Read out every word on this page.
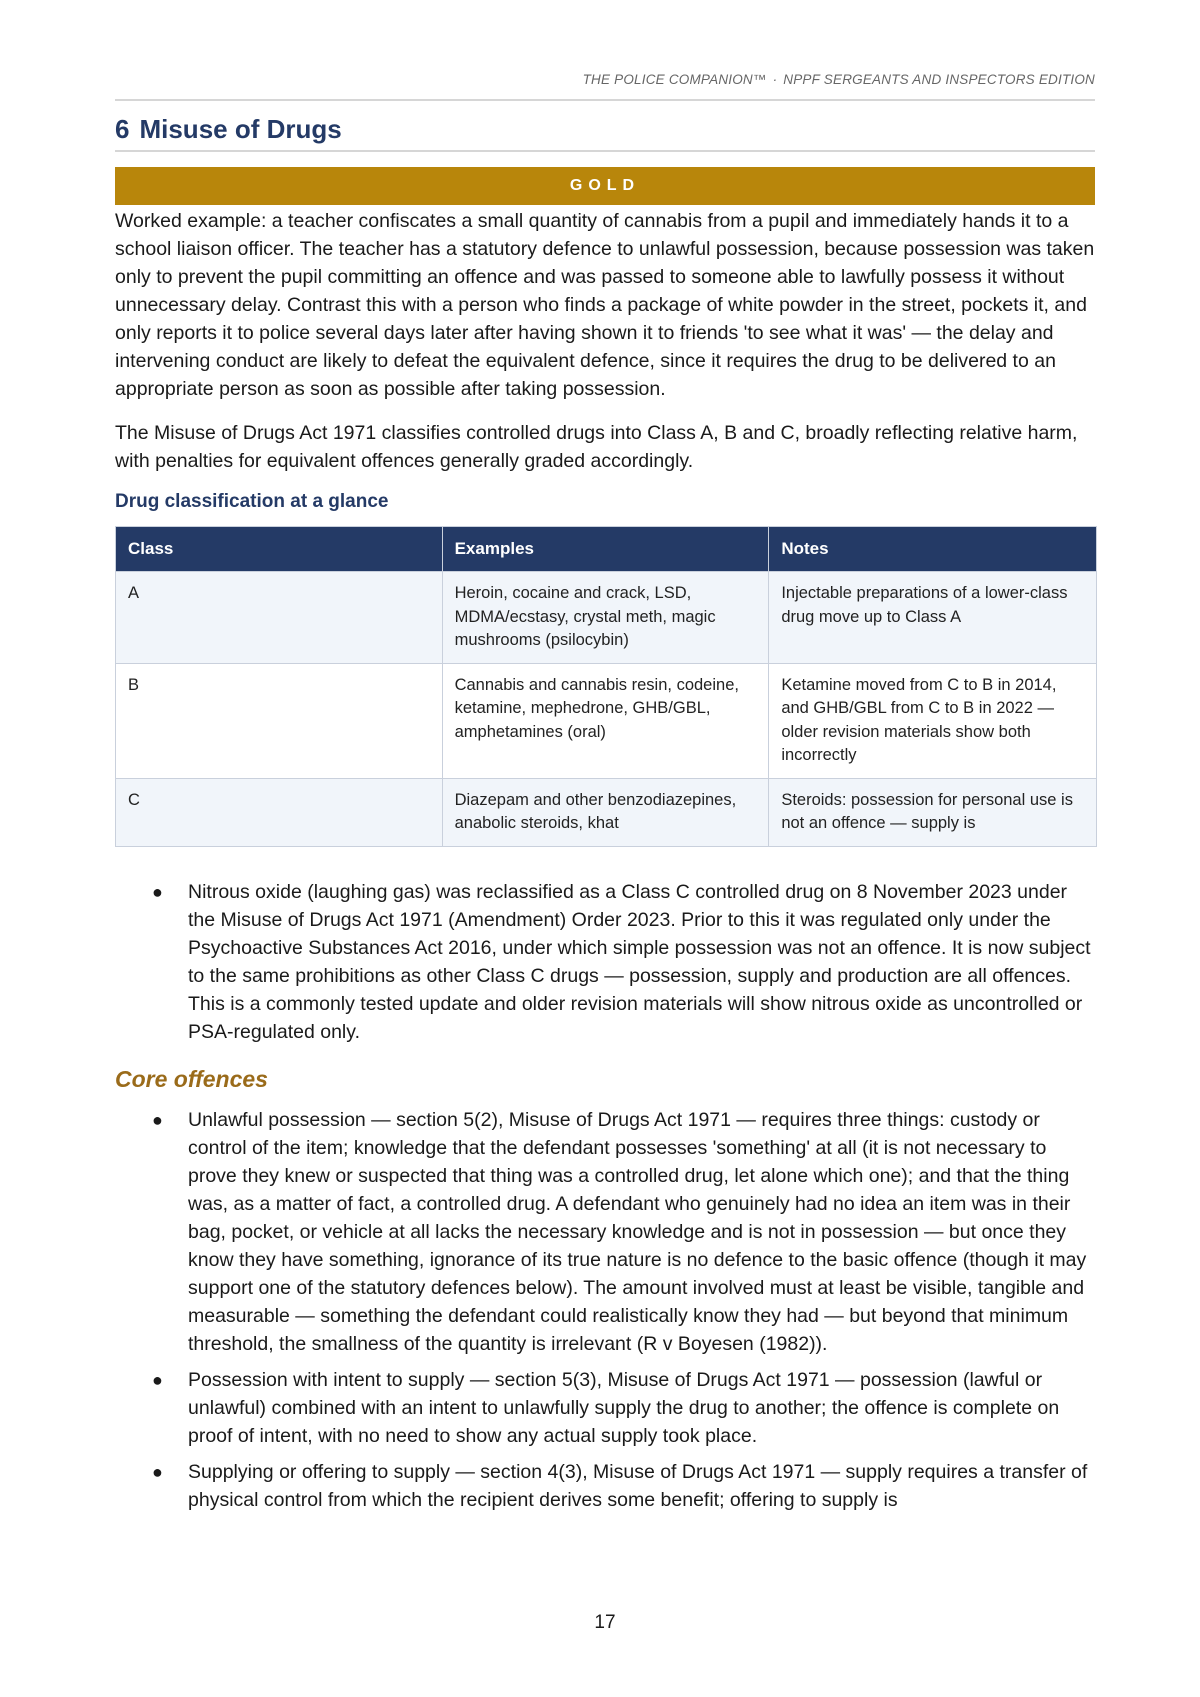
THE POLICE COMPANION™ · NPPF SERGEANTS AND INSPECTORS EDITION
6 Misuse of Drugs
GOLD

Worked example: a teacher confiscates a small quantity of cannabis from a pupil and immediately hands it to a school liaison officer. The teacher has a statutory defence to unlawful possession, because possession was taken only to prevent the pupil committing an offence and was passed to someone able to lawfully possess it without unnecessary delay. Contrast this with a person who finds a package of white powder in the street, pockets it, and only reports it to police several days later after having shown it to friends 'to see what it was' — the delay and intervening conduct are likely to defeat the equivalent defence, since it requires the drug to be delivered to an appropriate person as soon as possible after taking possession.

The Misuse of Drugs Act 1971 classifies controlled drugs into Class A, B and C, broadly reflecting relative harm, with penalties for equivalent offences generally graded accordingly.

Drug classification at a glance
Class	Examples	Notes
A	Heroin, cocaine and crack, LSD, MDMA/ecstasy, crystal meth, magic mushrooms (psilocybin)	Injectable preparations of a lower-class drug move up to Class A
B	Cannabis and cannabis resin, codeine, ketamine, mephedrone, GHB/GBL, amphetamines (oral)	Ketamine moved from C to B in 2014, and GHB/GBL from C to B in 2022 — older revision materials show both incorrectly
C	Diazepam and other benzodiazepines, anabolic steroids, khat	Steroids: possession for personal use is not an offence — supply is
● Nitrous oxide (laughing gas) was reclassified as a Class C controlled drug on 8 November 2023 under the Misuse of Drugs Act 1971 (Amendment) Order 2023. Prior to this it was regulated only under the Psychoactive Substances Act 2016, under which simple possession was not an offence. It is now subject to the same prohibitions as other Class C drugs — possession, supply and production are all offences. This is a commonly tested update and older revision materials will show nitrous oxide as uncontrolled or PSA-regulated only.
Core offences
● Unlawful possession — section 5(2), Misuse of Drugs Act 1971 — requires three things: custody or control of the item; knowledge that the defendant possesses 'something' at all (it is not necessary to prove they knew or suspected that thing was a controlled drug, let alone which one); and that the thing was, as a matter of fact, a controlled drug. A defendant who genuinely had no idea an item was in their bag, pocket, or vehicle at all lacks the necessary knowledge and is not in possession — but once they know they have something, ignorance of its true nature is no defence to the basic offence (though it may support one of the statutory defences below). The amount involved must at least be visible, tangible and measurable — something the defendant could realistically know they had — but beyond that minimum threshold, the smallness of the quantity is irrelevant (R v Boyesen (1982)).
● Possession with intent to supply — section 5(3), Misuse of Drugs Act 1971 — possession (lawful or unlawful) combined with an intent to unlawfully supply the drug to another; the offence is complete on proof of intent, with no need to show any actual supply took place.
● Supplying or offering to supply — section 4(3), Misuse of Drugs Act 1971 — supply requires a transfer of physical control from which the recipient derives some benefit; offering to supply is
17
